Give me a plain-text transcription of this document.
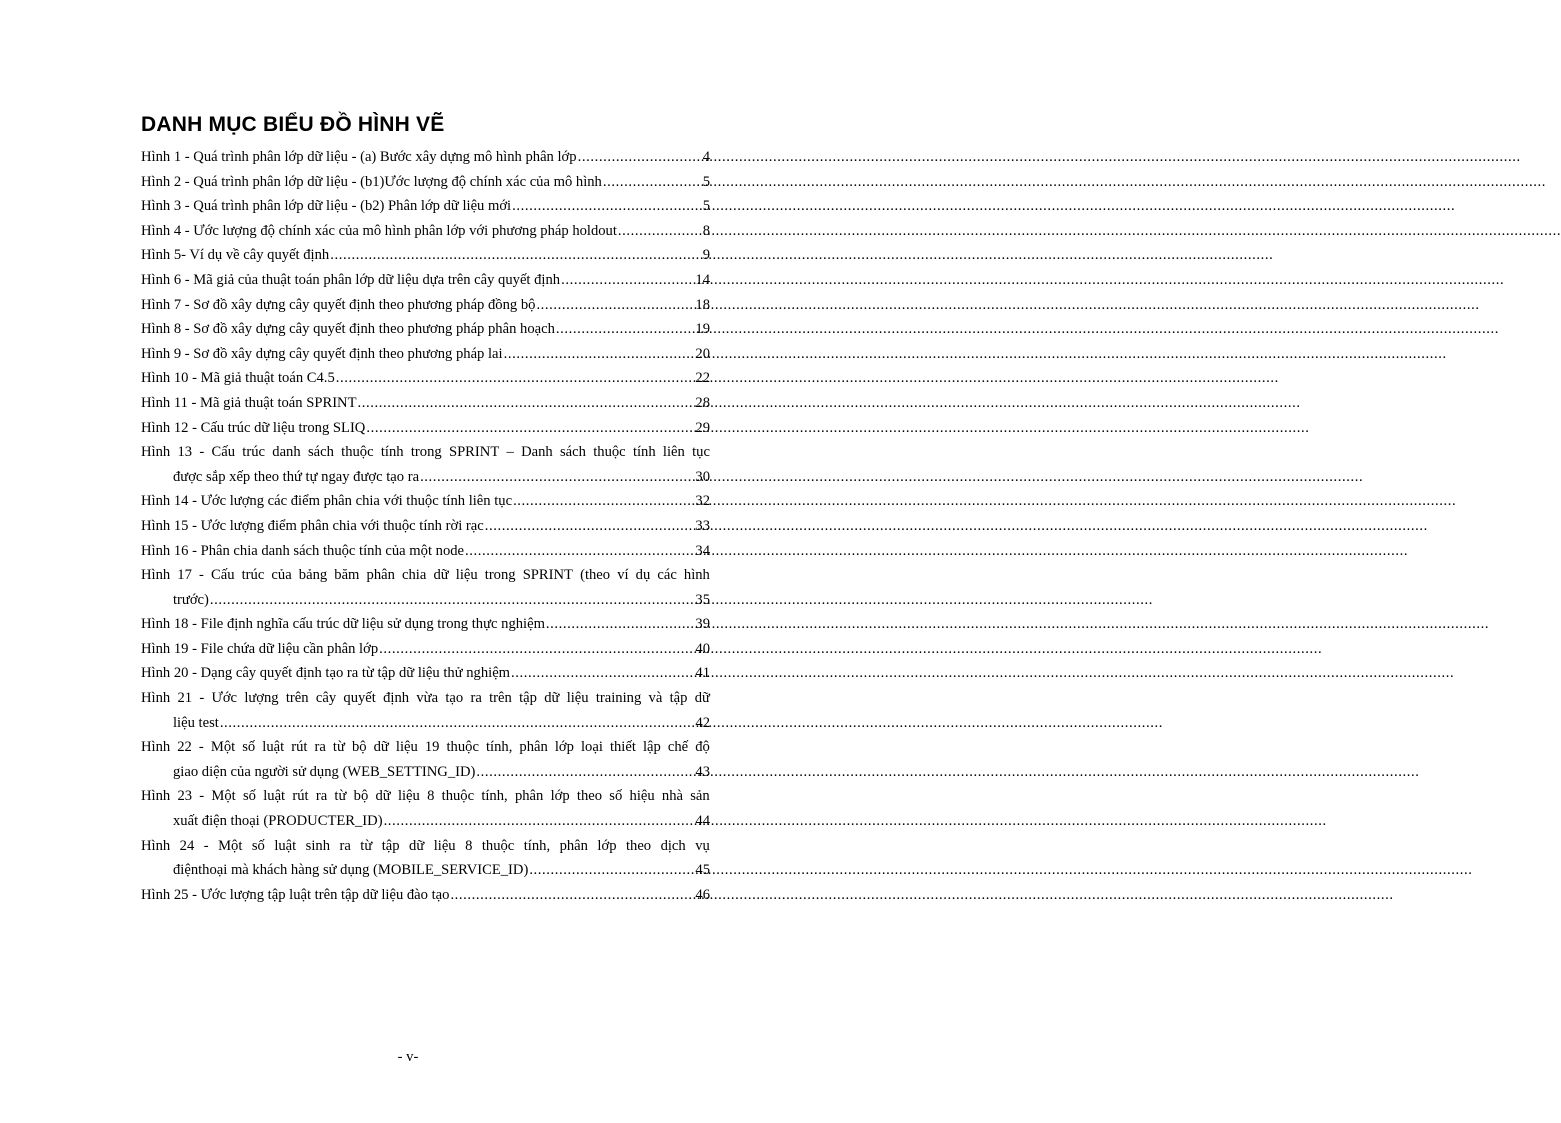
DANH MỤC BIỂU ĐỒ HÌNH VẼ
Hình 1 - Quá trình phân lớp dữ liệu - (a) Bước xây dựng mô hình phân lớp .....	4
Hình 2 - Quá trình phân lớp dữ liệu - (b1)Ước lượng độ chính xác của mô hình .....	5
Hình 3 - Quá trình phân lớp dữ liệu - (b2) Phân lớp dữ liệu mới .....	5
Hình 4 - Ước lượng độ chính xác của mô hình phân lớp với phương pháp holdout .....	8
Hình 5- Ví dụ về cây quyết định .....	9
Hình 6 - Mã giả của thuật toán phân lớp dữ liệu dựa trên cây quyết định .....	14
Hình 7 - Sơ đồ xây dựng cây quyết định theo phương pháp đồng bộ .....	18
Hình 8 - Sơ đồ xây dựng cây quyết định theo phương pháp phân hoạch .....	19
Hình 9 - Sơ đồ xây dựng cây quyết định theo phương pháp lai .....	20
Hình 10 - Mã giả thuật toán C4.5 .....	22
Hình 11 - Mã giả thuật toán SPRINT .....	28
Hình 12 - Cấu trúc dữ liệu trong SLIQ .....	29
Hình 13 - Cấu trúc danh sách thuộc tính trong SPRINT – Danh sách thuộc tính liên tục
được sắp xếp theo thứ tự ngay được tạo ra .....	30
Hình 14 - Ước lượng các điểm phân chia với thuộc tính liên tục .....	32
Hình 15 - Ước lượng điểm phân chia với thuộc tính rời rạc .....	33
Hình 16 - Phân chia danh sách thuộc tính của một node .....	34
Hình 17 - Cấu trúc của bảng băm phân chia dữ liệu trong SPRINT (theo ví dụ các hình
trước) .....	35
Hình 18 - File định nghĩa cấu trúc dữ liệu sử dụng trong thực nghiệm .....	39
Hình 19 - File chứa dữ liệu cần phân lớp .....	40
Hình 20 - Dạng cây quyết định tạo ra từ tập dữ liệu thử nghiệm .....	41
Hình 21 - Ước lượng trên cây quyết định vừa tạo ra trên tập dữ liệu training và tập dữ
liệu test .....	42
Hình 22 - Một số luật rút ra từ bộ dữ liệu 19 thuộc tính, phân lớp loại thiết lập chế độ
giao diện của người sử dụng (WEB_SETTING_ID) .....	43
Hình 23 - Một số luật rút ra từ bộ dữ liệu 8 thuộc tính, phân lớp theo số hiệu nhà sản
xuất điện thoại (PRODUCTER_ID) .....	44
Hình 24 - Một số luật sinh ra từ tập dữ liệu 8 thuộc tính, phân lớp theo dịch vụ
điệnthoại mà khách hàng sử dụng (MOBILE_SERVICE_ID) .....	45
Hình 25 - Ước lượng tập luật trên tập dữ liệu đào tạo .....	46
- v-
